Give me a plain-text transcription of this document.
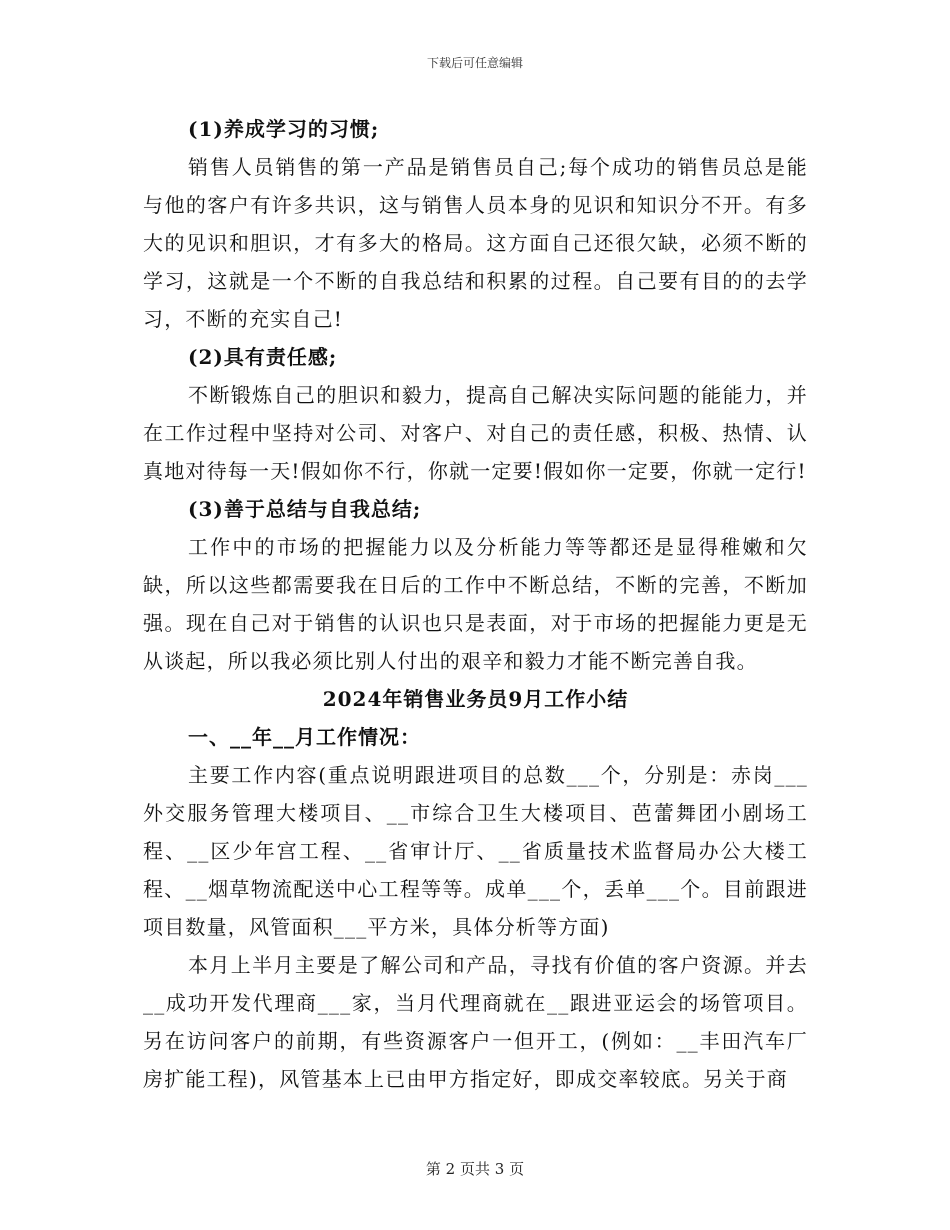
下载后可任意编辑

(1)养成学习的习惯;

销售人员销售的第一产品是销售员自己;每个成功的销售员总是能与他的客户有许多共识，这与销售人员本身的见识和知识分不开。有多大的见识和胆识，才有多大的格局。这方面自己还很欠缺，必须不断的学习，这就是一个不断的自我总结和积累的过程。自己要有目的的去学习，不断的充实自己!

(2)具有责任感;

不断锻炼自己的胆识和毅力，提高自己解决实际问题的能能力，并在工作过程中坚持对公司、对客户、对自己的责任感，积极、热情、认真地对待每一天!假如你不行，你就一定要!假如你一定要，你就一定行!

(3)善于总结与自我总结;

工作中的市场的把握能力以及分析能力等等都还是显得稚嫩和欠缺，所以这些都需要我在日后的工作中不断总结，不断的完善，不断加强。现在自己对于销售的认识也只是表面，对于市场的把握能力更是无从谈起，所以我必须比别人付出的艰辛和毅力才能不断完善自我。

2024年销售业务员9月工作小结

一、__年__月工作情况：

主要工作内容(重点说明跟进项目的总数___个，分别是：赤岗___外交服务管理大楼项目、__市综合卫生大楼项目、芭蕾舞团小剧场工程、__区少年宫工程、__省审计厅、__省质量技术监督局办公大楼工程、__烟草物流配送中心工程等等。成单___个，丢单___个。目前跟进项目数量，风管面积___平方米，具体分析等方面)

本月上半月主要是了解公司和产品，寻找有价值的客户资源。并去__成功开发代理商___家，当月代理商就在__跟进亚运会的场管项目。另在访问客户的前期，有些资源客户一但开工，(例如：__丰田汽车厂房扩能工程)，风管基本上已由甲方指定好，即成交率较底。另关于商

第 2 页共 3 页
